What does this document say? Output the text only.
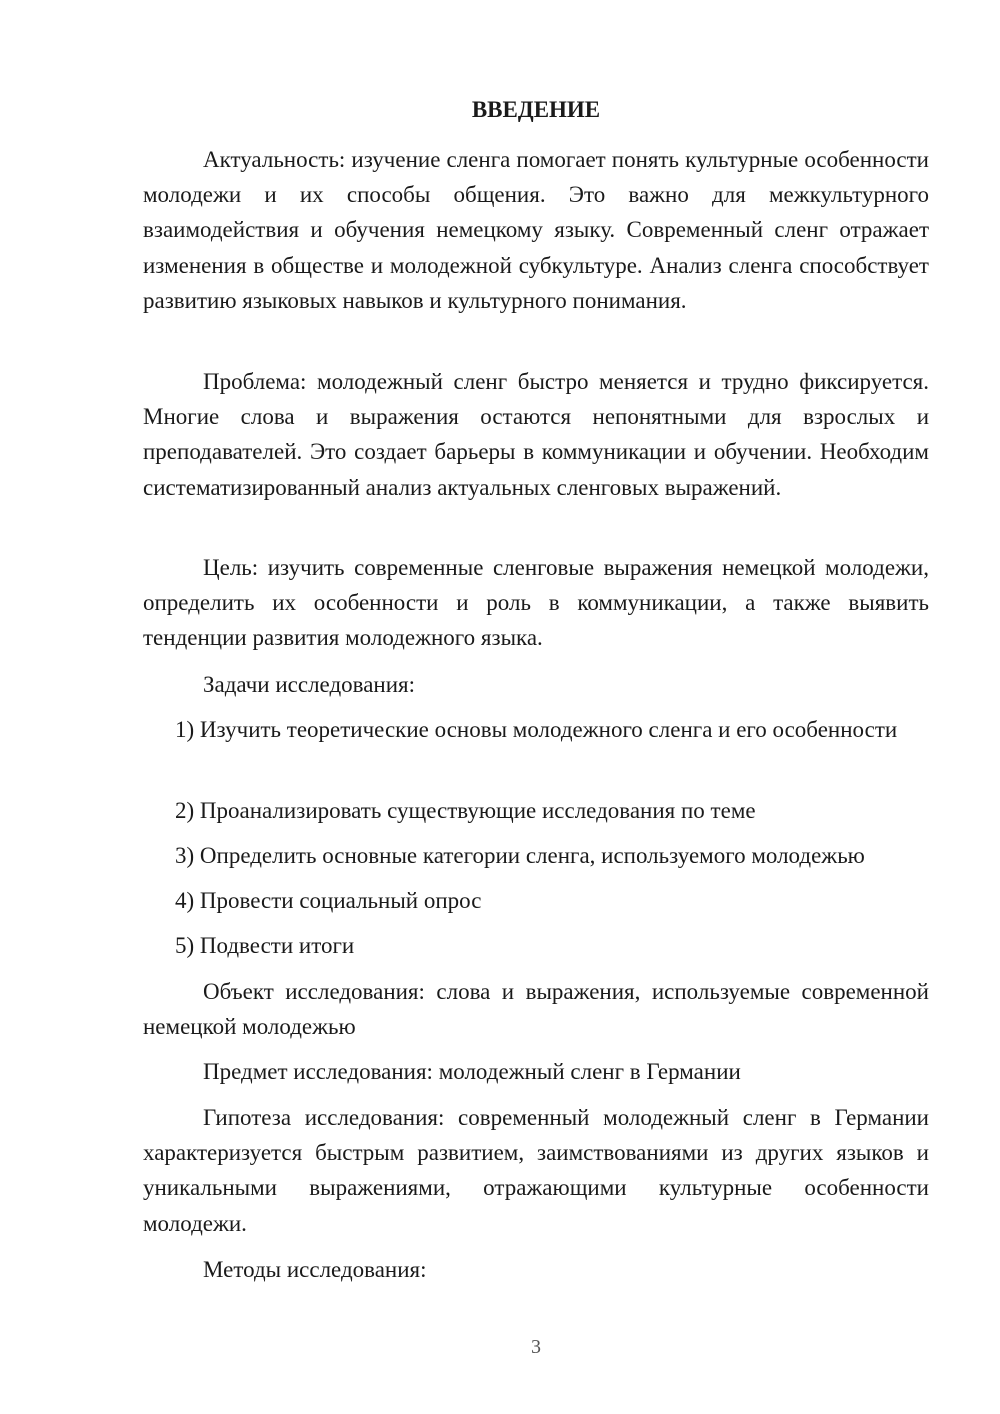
ВВЕДЕНИЕ

Актуальность: изучение сленга помогает понять культурные особенности молодежи и их способы общения. Это важно для межкультурного взаимодействия и обучения немецкому языку. Современный сленг отражает изменения в обществе и молодежной субкультуре. Анализ сленга способствует развитию языковых навыков и культурного понимания.

Проблема: молодежный сленг быстро меняется и трудно фиксируется. Многие слова и выражения остаются непонятными для взрослых и преподавателей. Это создает барьеры в коммуникации и обучении. Необходим систематизированный анализ актуальных сленговых выражений.

Цель: изучить современные сленговые выражения немецкой молодежи, определить их особенности и роль в коммуникации, а также выявить тенденции развития молодежного языка.

Задачи исследования:

1) Изучить теоретические основы молодежного сленга и его особенности

2) Проанализировать существующие исследования по теме

3) Определить основные категории сленга, используемого молодежью

4) Провести социальный опрос

5) Подвести итоги

Объект исследования: слова и выражения, используемые современной немецкой молодежью

Предмет исследования: молодежный сленг в Германии

Гипотеза исследования: современный молодежный сленг в Германии характеризуется быстрым развитием, заимствованиями из других языков и уникальными выражениями, отражающими культурные особенности молодежи.

Методы исследования:

3
